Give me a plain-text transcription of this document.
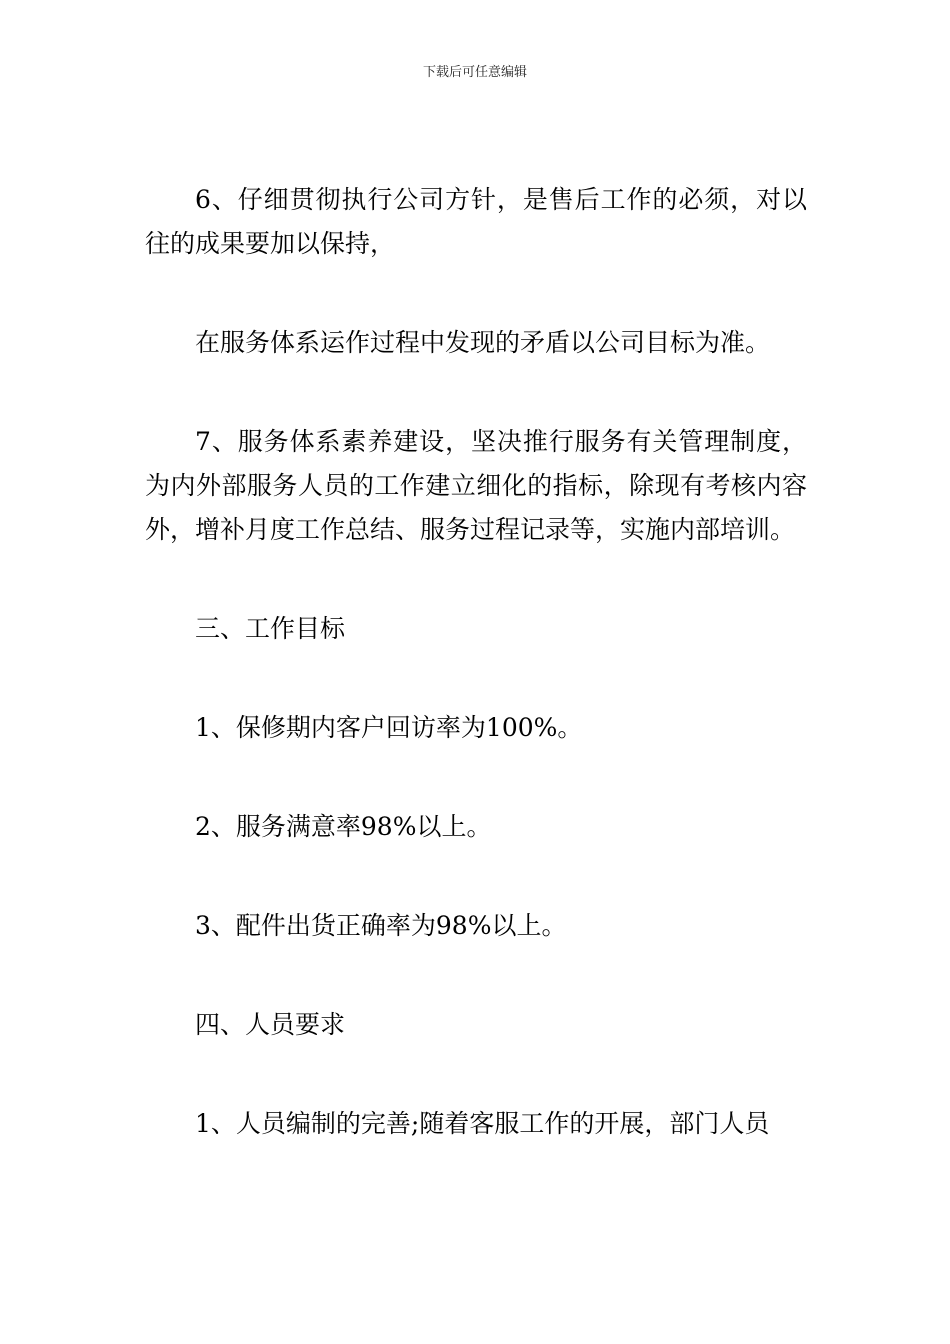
下载后可任意编辑

6、仔细贯彻执行公司方针，是售后工作的必须，对以往的成果要加以保持，

在服务体系运作过程中发现的矛盾以公司目标为准。

7、服务体系素养建设，坚决推行服务有关管理制度，为内外部服务人员的工作建立细化的指标，除现有考核内容外，增补月度工作总结、服务过程记录等，实施内部培训。

三、工作目标

1、保修期内客户回访率为100%。

2、服务满意率98%以上。

3、配件出货正确率为98%以上。

四、人员要求

1、人员编制的完善;随着客服工作的开展，部门人员
